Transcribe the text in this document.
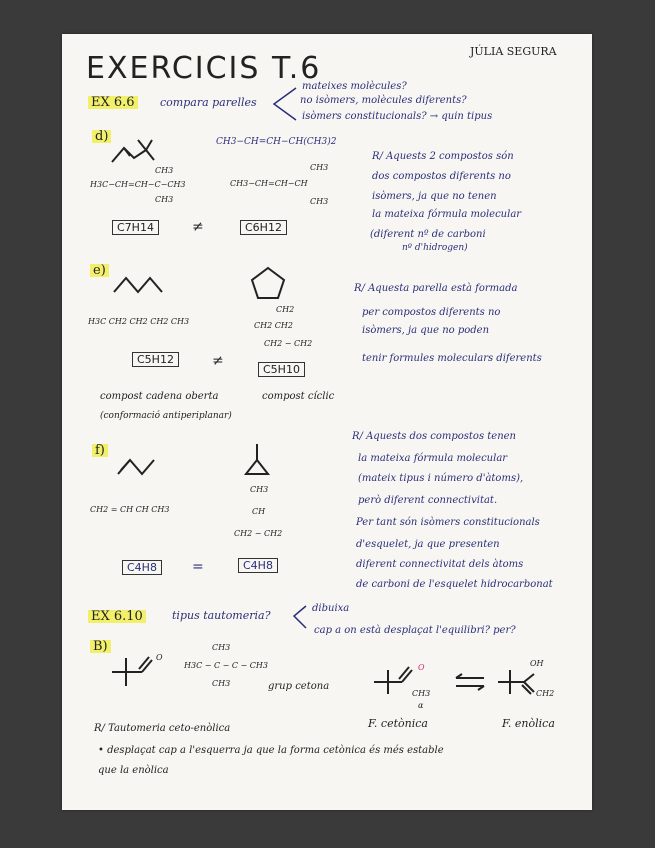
EXERCICIS T.6	JÚLIA SEGURA
EX 6.6 compara parelles
mateixes molècules?
no isòmers, molècules diferents?
isòmers constitucionals? → quin tipus
d)
CH3
H3C−CH=CH−C−CH3
CH3
C7H14	≠
CH3−CH=CH−CH(CH3)2
CH3
CH3−CH=CH−CH
CH3
C6H12
R/ Aquests 2 compostos són
dos compostos diferents no
isòmers, ja que no tenen
la mateixa fórmula molecular
(diferent nº de carboni
nº d'hidrogen)
e)
H3C CH2 CH2 CH2 CH3
CH2
CH2 CH2
CH2 − CH2
C5H12	≠
C5H10
compost cadena oberta
(conformació antiperiplanar)
compost cíclic
R/ Aquesta parella està formada
per compostos diferents no
isòmers, ja que no poden
tenir formules moleculars diferents
f)
CH2 = CH CH CH3
CH3
CH
CH2 − CH2
C4H8	=	C4H8
R/ Aquests dos compostos tenen
la mateixa fórmula molecular
(mateix tipus i número d'àtoms),
però diferent connectivitat.
Per tant són isòmers constitucionals
d'esquelet, ja que presenten
diferent connectivitat dels àtoms
de carboni de l'esquelet hidrocarbonat
EX 6.10	tipus tautomeria?
dibuixa
cap a on està desplaçat l'equilibri? per?
B)
O
CH3
H3C − C − C − CH3
CH3	grup cetona
O
CH3
α
OH
CH2
F. cetònica	F. enòlica
R/ Tautomeria ceto-enòlica
• desplaçat cap a l'esquerra ja que la forma cetònica és més estable
que la enòlica
